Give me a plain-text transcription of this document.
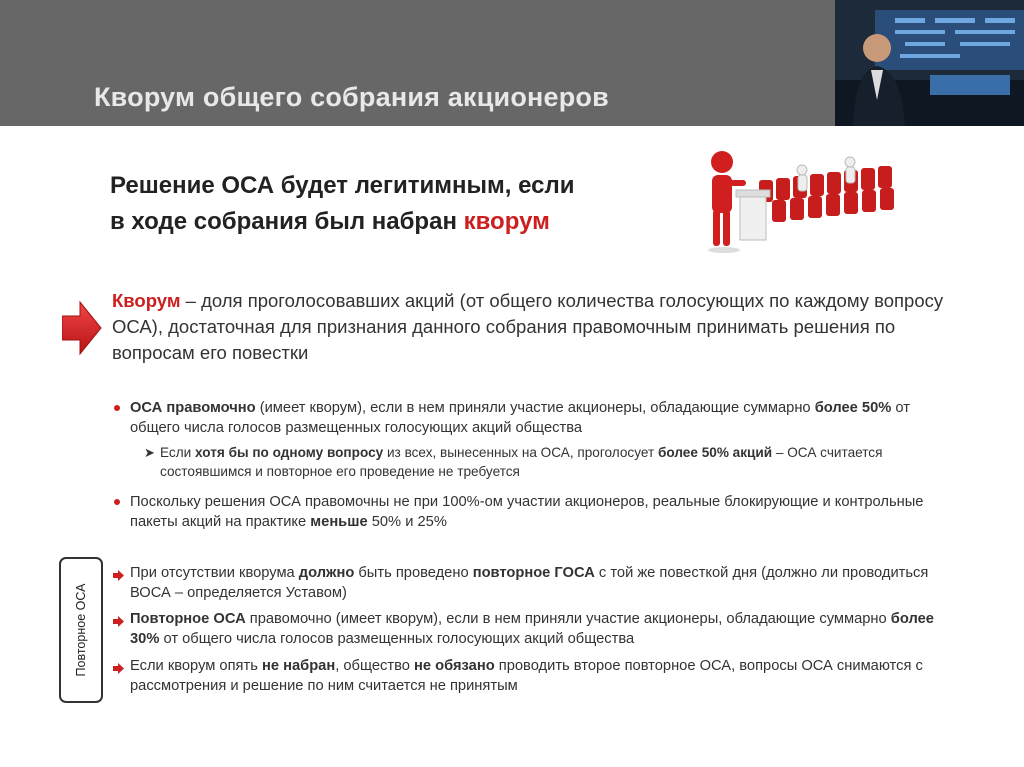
Кворум общего собрания акционеров
Решение ОСА будет легитимным, если
в ходе собрания был набран кворум
Кворум – доля проголосовавших акций (от общего количества голосующих по каждому вопросу ОСА), достаточная для признания данного собрания правомочным принимать решения по вопросам его повестки
ОСА правомочно (имеет кворум), если в нем приняли участие акционеры, обладающие суммарно более 50% от общего числа голосов размещенных голосующих акций общества
➤ Если хотя бы по одному вопросу из всех, вынесенных на ОСА, проголосует более 50% акций – ОСА считается состоявшимся и повторное его проведение не требуется
Поскольку решения ОСА правомочны не при 100%-ом участии акционеров, реальные блокирующие и контрольные пакеты акций на практике меньше 50% и 25%
Повторное ОСА
При отсутствии кворума должно быть проведено повторное ГОСА с той же повесткой дня (должно ли проводиться ВОСА – определяется Уставом)
Повторное ОСА правомочно (имеет кворум), если в нем приняли участие акционеры, обладающие суммарно более 30% от общего числа голосов размещенных голосующих акций общества
Если кворум опять не набран, общество не обязано проводить второе повторное ОСА, вопросы ОСА снимаются с рассмотрения и решение по ним считается не принятым
